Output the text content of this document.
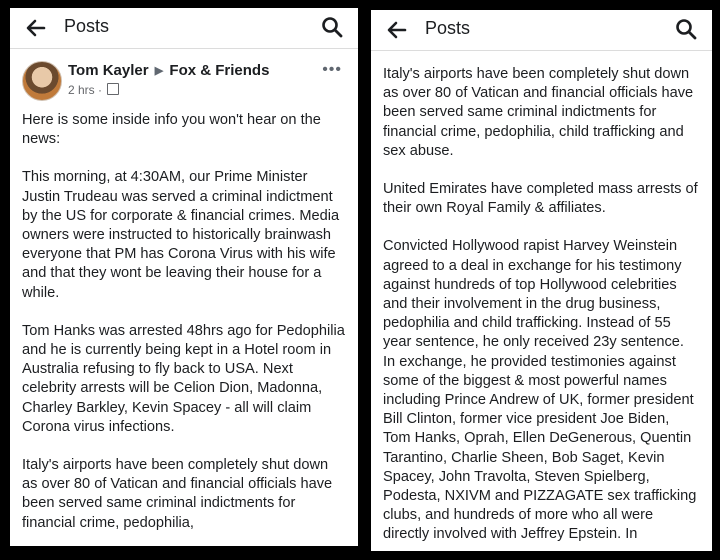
Posts
Tom Kayler ▶ Fox & Friends
2 hrs ·
•••

Here is some inside info you won't hear on the news:

This morning, at 4:30AM, our Prime Minister Justin Trudeau was served a criminal indictment by the US for corporate & financial crimes. Media owners were instructed to historically brainwash everyone that PM has Corona Virus with his wife and that they wont be leaving their house for a while.

Tom Hanks was arrested 48hrs ago for Pedophilia and he is currently being kept in a Hotel room in Australia refusing to fly back to USA. Next celebrity arrests will be Celion Dion, Madonna, Charley Barkley, Kevin Spacey - all will claim Corona virus infections.

Italy's airports have been completely shut down as over 80 of Vatican and financial officials have been served same criminal indictments for financial crime, pedophilia,

Posts

Italy's airports have been completely shut down as over 80 of Vatican and financial officials have been served same criminal indictments for financial crime, pedophilia, child trafficking and sex abuse.

United Emirates have completed mass arrests of their own Royal Family & affiliates.

Convicted Hollywood rapist Harvey Weinstein agreed to a deal in exchange for his testimony against hundreds of top Hollywood celebrities and their involvement in the drug business, pedophilia and child trafficking. Instead of 55 year sentence, he only received 23y sentence. In exchange, he provided testimonies against some of the biggest & most powerful names including Prince Andrew of UK, former president Bill Clinton, former vice president Joe Biden, Tom Hanks, Oprah, Ellen DeGenerous, Quentin Tarantino, Charlie Sheen, Bob Saget, Kevin Spacey, John Travolta, Steven Spielberg, Podesta, NXIVM and PIZZAGATE sex trafficking clubs, and hundreds of more who all were directly involved with Jeffrey Epstein. In
